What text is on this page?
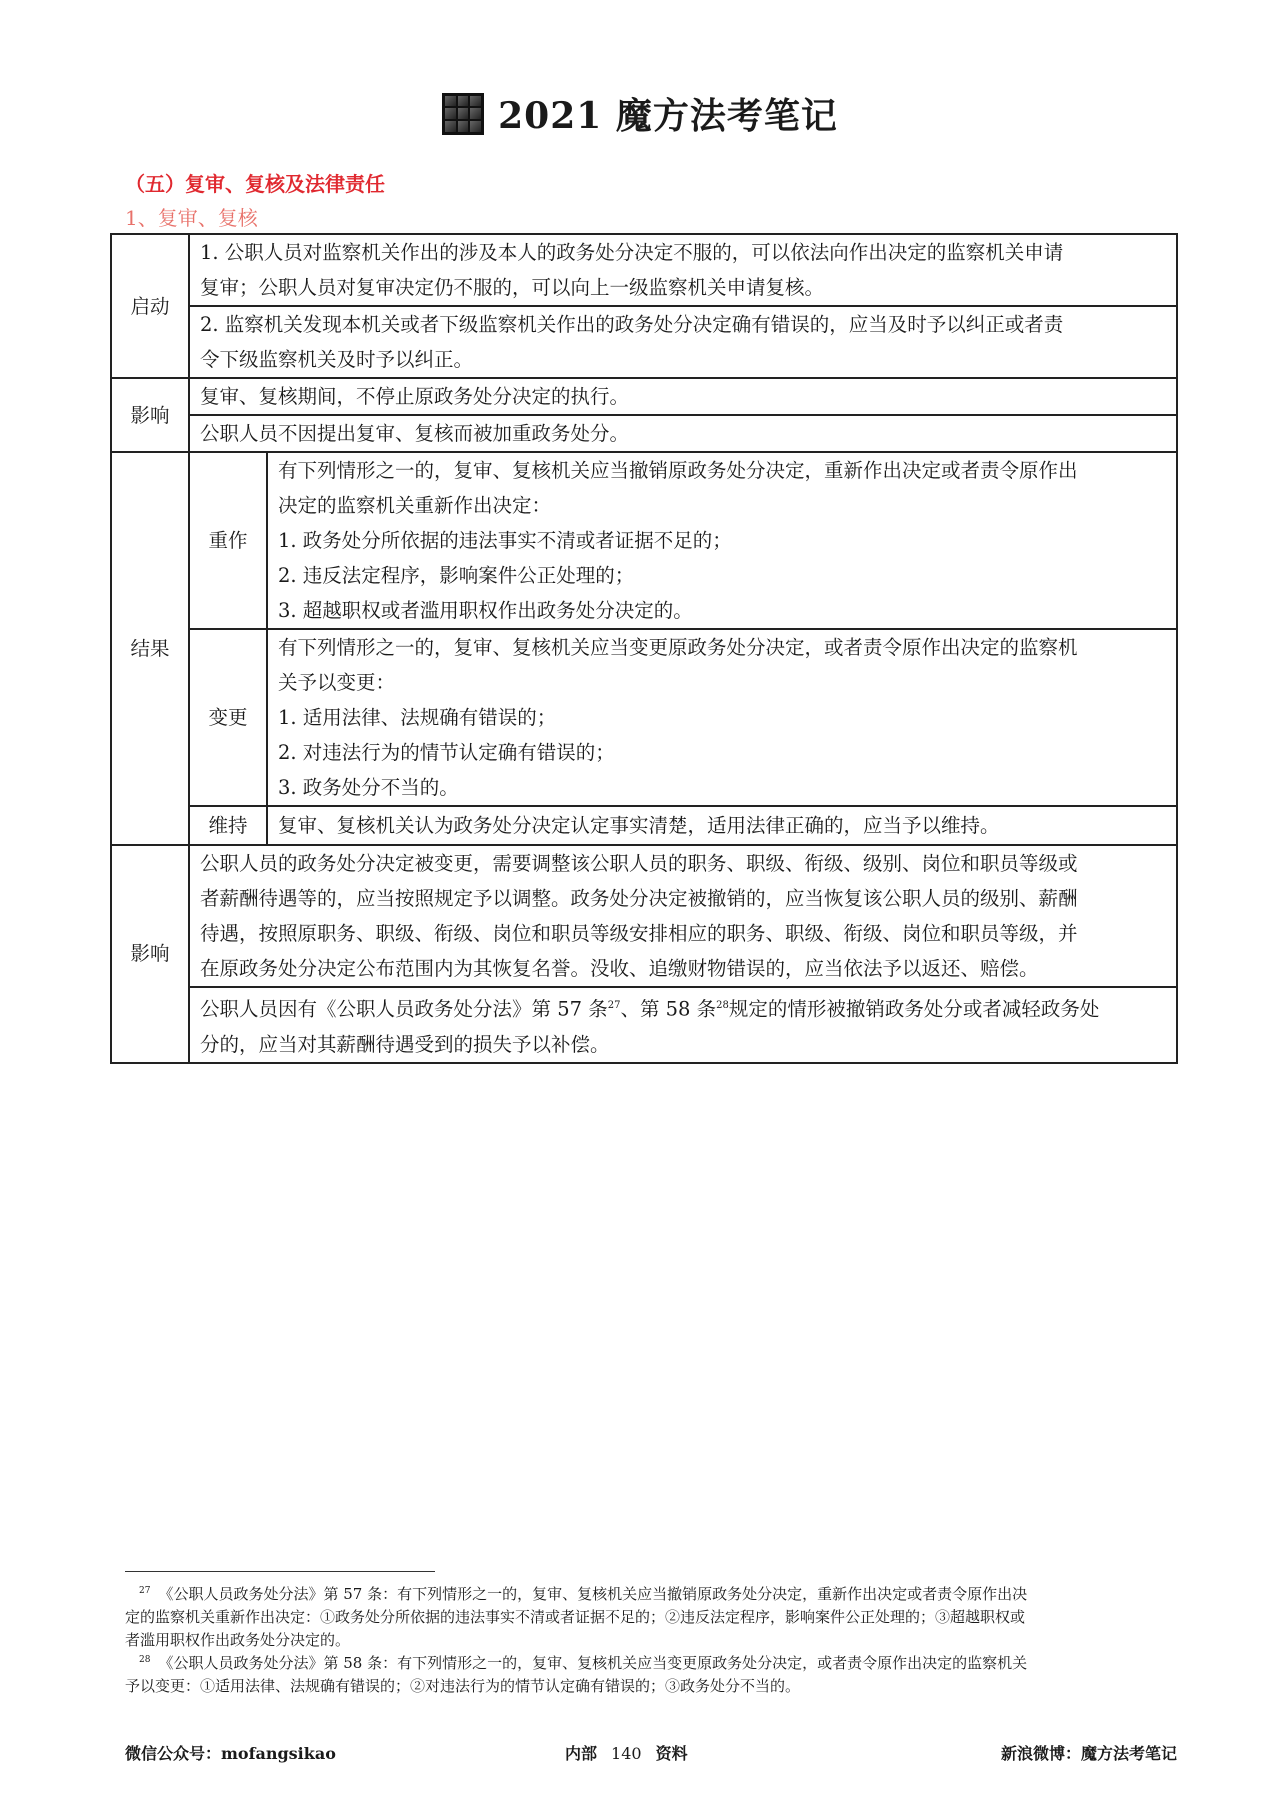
2021 魔方法考笔记
（五）复审、复核及法律责任
1、复审、复核
启动	1. 公职人员对监察机关作出的涉及本人的政务处分决定不服的，可以依法向作出决定的监察机关申请
复审；公职人员对复审决定仍不服的，可以向上一级监察机关申请复核。	

	2. 监察机关发现本机关或者下级监察机关作出的政务处分决定确有错误的，应当及时予以纠正或者责
令下级监察机关及时予以纠正。	

影响	复审、复核期间，不停止原政务处分决定的执行。	
	公职人员不因提出复审、复核而被加重政务处分。	
结果	重作	有下列情形之一的，复审、复核机关应当撤销原政务处分决定，重新作出决定或者责令原作出
决定的监察机关重新作出决定：
1. 政务处分所依据的违法事实不清或者证据不足的；
2. 违反法定程序，影响案件公正处理的；
3. 超越职权或者滥用职权作出政务处分决定的。

	变更	有下列情形之一的，复审、复核机关应当变更原政务处分决定，或者责令原作出决定的监察机
关予以变更：
1. 适用法律、法规确有错误的；
2. 对违法行为的情节认定确有错误的；
3. 政务处分不当的。

	维持	复审、复核机关认为政务处分决定认定事实清楚，适用法律正确的，应当予以维持。
影响	公职人员的政务处分决定被变更，需要调整该公职人员的职务、职级、衔级、级别、岗位和职员等级或
者薪酬待遇等的，应当按照规定予以调整。政务处分决定被撤销的，应当恢复该公职人员的级别、薪酬
待遇，按照原职务、职级、衔级、岗位和职员等级安排相应的职务、职级、衔级、岗位和职员等级，并
在原政务处分决定公布范围内为其恢复名誉。没收、追缴财物错误的，应当依法予以返还、赔偿。	

	公职人员因有《公职人员政务处分法》第 57 条$^{27}$、第 58 条$^{28}$规定的情形被撤销政务处分或者减轻政务处
分的，应当对其薪酬待遇受到的损失予以补偿。	
$^{27}$ 《公职人员政务处分法》第 57 条：有下列情形之一的，复审、复核机关应当撤销原政务处分决定，重新作出决定或者责令原作出决
定的监察机关重新作出决定：①政务处分所依据的违法事实不清或者证据不足的；②违反法定程序，影响案件公正处理的；③超越职权或
者滥用职权作出政务处分决定的。
$^{28}$ 《公职人员政务处分法》第 58 条：有下列情形之一的，复审、复核机关应当变更原政务处分决定，或者责令原作出决定的监察机关
予以变更：①适用法律、法规确有错误的；②对违法行为的情节认定确有错误的；③政务处分不当的。
微信公众号：mofangsikao	内部 140 资料	新浪微博：魔方法考笔记
